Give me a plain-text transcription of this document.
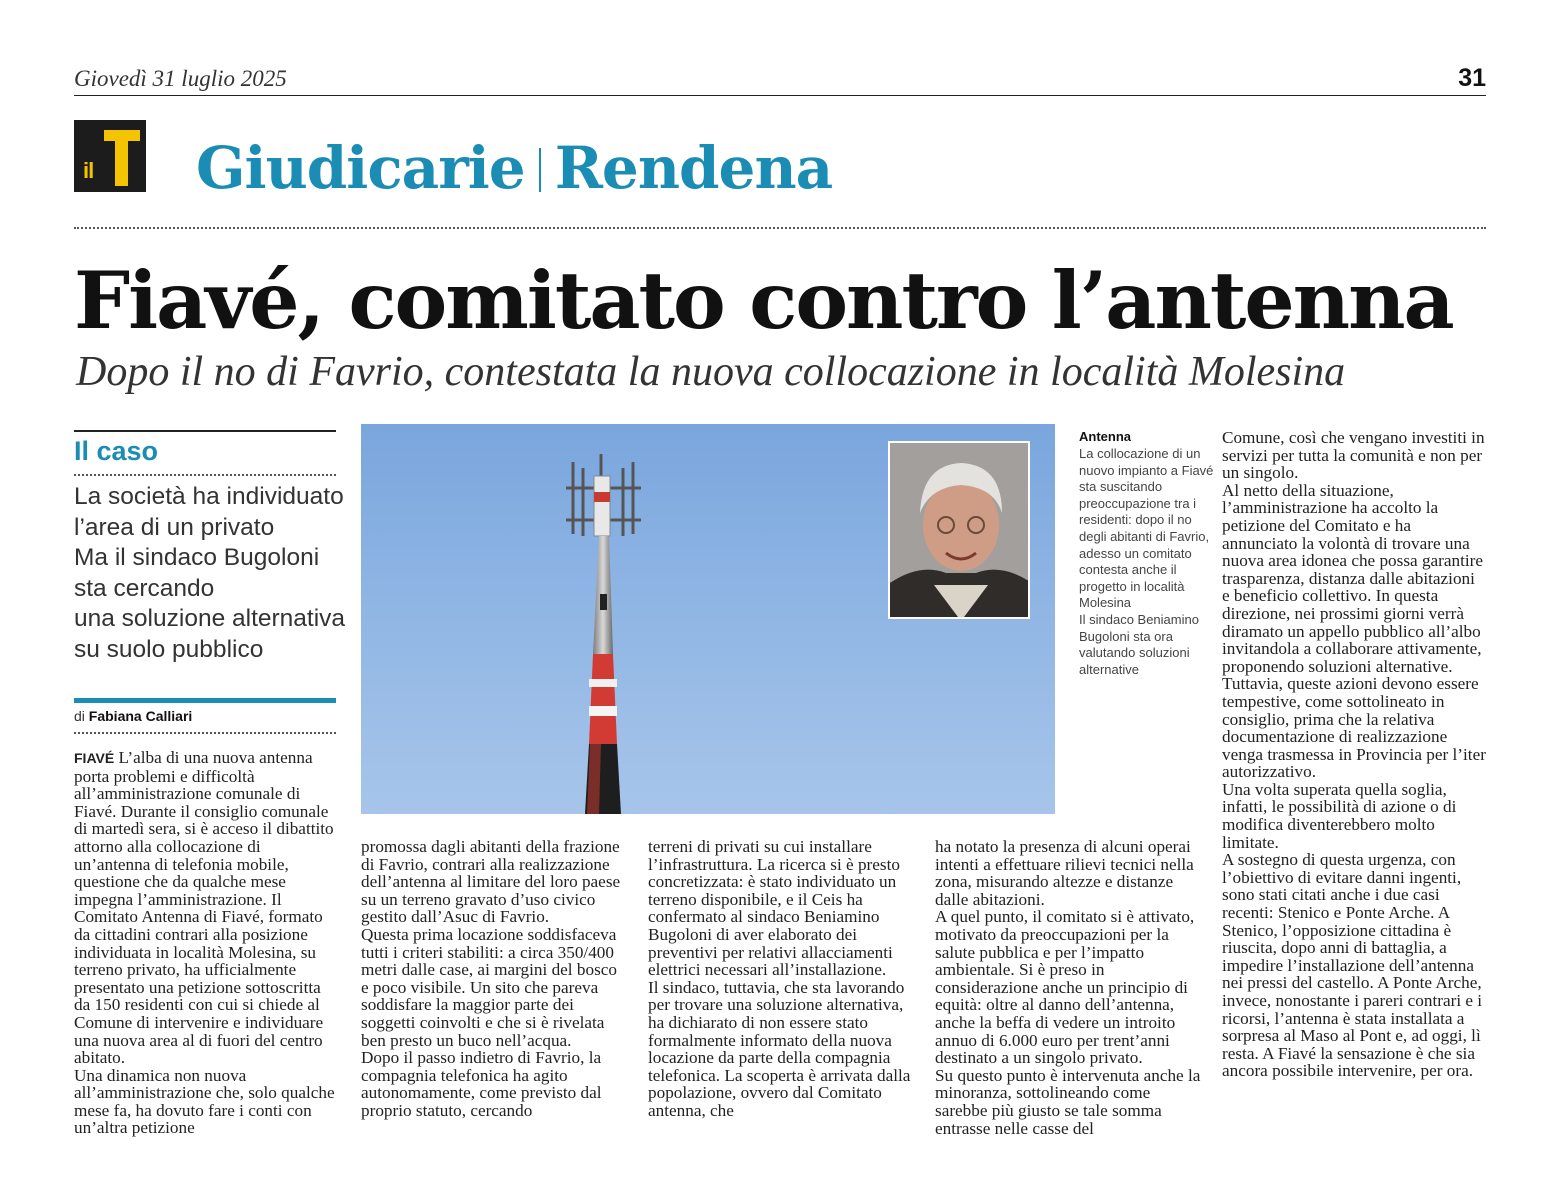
Giovedì 31 luglio 2025	31
il Giudicarie Rendena
Fiavé, comitato contro l’antenna
Dopo il no di Favrio, contestata la nuova collocazione in località Molesina
Il caso
La società ha individuato
l’area di un privato
Ma il sindaco Bugoloni
sta cercando
una soluzione alternativa
su suolo pubblico
di Fabiana Calliari

FIAVÉ L’alba di una nuova antenna porta problemi e difficoltà all’amministrazione comunale di Fiavé. Durante il consiglio comunale di martedì sera, si è acceso il dibattito attorno alla collocazione di un’antenna di telefonia mobile, questione che da qualche mese impegna l’amministrazione. Il Comitato Antenna di Fiavé, formato da cittadini contrari alla posizione individuata in località Molesina, su terreno privato, ha ufficialmente presentato una petizione sottoscritta da 150 residenti con cui si chiede al Comune di intervenire e individuare una nuova area al di fuori del centro abitato.
Una dinamica non nuova all’amministrazione che, solo qualche mese fa, ha dovuto fare i conti con un’altra petizione

Antenna
La collocazione di un nuovo impianto a Fiavé sta suscitando preoccupazione tra i residenti: dopo il no degli abitanti di Favrio, adesso un comitato contesta anche il progetto in località Molesina
Il sindaco Beniamino Bugoloni sta ora valutando soluzioni alternative
promossa dagli abitanti della frazione di Favrio, contrari alla realizzazione dell’antenna al limitare del loro paese su un terreno gravato d’uso civico gestito dall’Asuc di Favrio.
Questa prima locazione soddisfaceva tutti i criteri stabiliti: a circa 350/400 metri dalle case, ai margini del bosco e poco visibile. Un sito che pareva soddisfare la maggior parte dei soggetti coinvolti e che si è rivelata ben presto un buco nell’acqua.
Dopo il passo indietro di Favrio, la compagnia telefonica ha agito autonomamente, come previsto dal proprio statuto, cercando
terreni di privati su cui installare l’infrastruttura. La ricerca si è presto concretizzata: è stato individuato un terreno disponibile, e il Ceis ha confermato al sindaco Beniamino Bugoloni di aver elaborato dei preventivi per relativi allacciamenti elettrici necessari all’installazione.
Il sindaco, tuttavia, che sta lavorando per trovare una soluzione alternativa, ha dichiarato di non essere stato formalmente informato della nuova locazione da parte della compagnia telefonica. La scoperta è arrivata dalla popolazione, ovvero dal Comitato antenna, che
ha notato la presenza di alcuni operai intenti a effettuare rilievi tecnici nella zona, misurando altezze e distanze dalle abitazioni.
A quel punto, il comitato si è attivato, motivato da preoccupazioni per la salute pubblica e per l’impatto ambientale. Si è preso in considerazione anche un principio di equità: oltre al danno dell’antenna, anche la beffa di vedere un introito annuo di 6.000 euro per trent’anni destinato a un singolo privato.
Su questo punto è intervenuta anche la minoranza, sottolineando come sarebbe più giusto se tale somma entrasse nelle casse del
Comune, così che vengano investiti in servizi per tutta la comunità e non per un singolo.
Al netto della situazione, l’amministrazione ha accolto la petizione del Comitato e ha annunciato la volontà di trovare una nuova area idonea che possa garantire trasparenza, distanza dalle abitazioni e beneficio collettivo. In questa direzione, nei prossimi giorni verrà diramato un appello pubblico all’albo invitandola a collaborare attivamente, proponendo soluzioni alternative.
Tuttavia, queste azioni devono essere tempestive, come sottolineato in consiglio, prima che la relativa documentazione di realizzazione venga trasmessa in Provincia per l’iter autorizzativo.
Una volta superata quella soglia, infatti, le possibilità di azione o di modifica diventerebbero molto limitate.
A sostegno di questa urgenza, con l’obiettivo di evitare danni ingenti, sono stati citati anche i due casi recenti: Stenico e Ponte Arche. A Stenico, l’opposizione cittadina è riuscita, dopo anni di battaglia, a impedire l’installazione dell’antenna nei pressi del castello. A Ponte Arche, invece, nonostante i pareri contrari e i ricorsi, l’antenna è stata installata a sorpresa al Maso al Pont e, ad oggi, lì resta. A Fiavé la sensazione è che sia ancora possibile intervenire, per ora.
